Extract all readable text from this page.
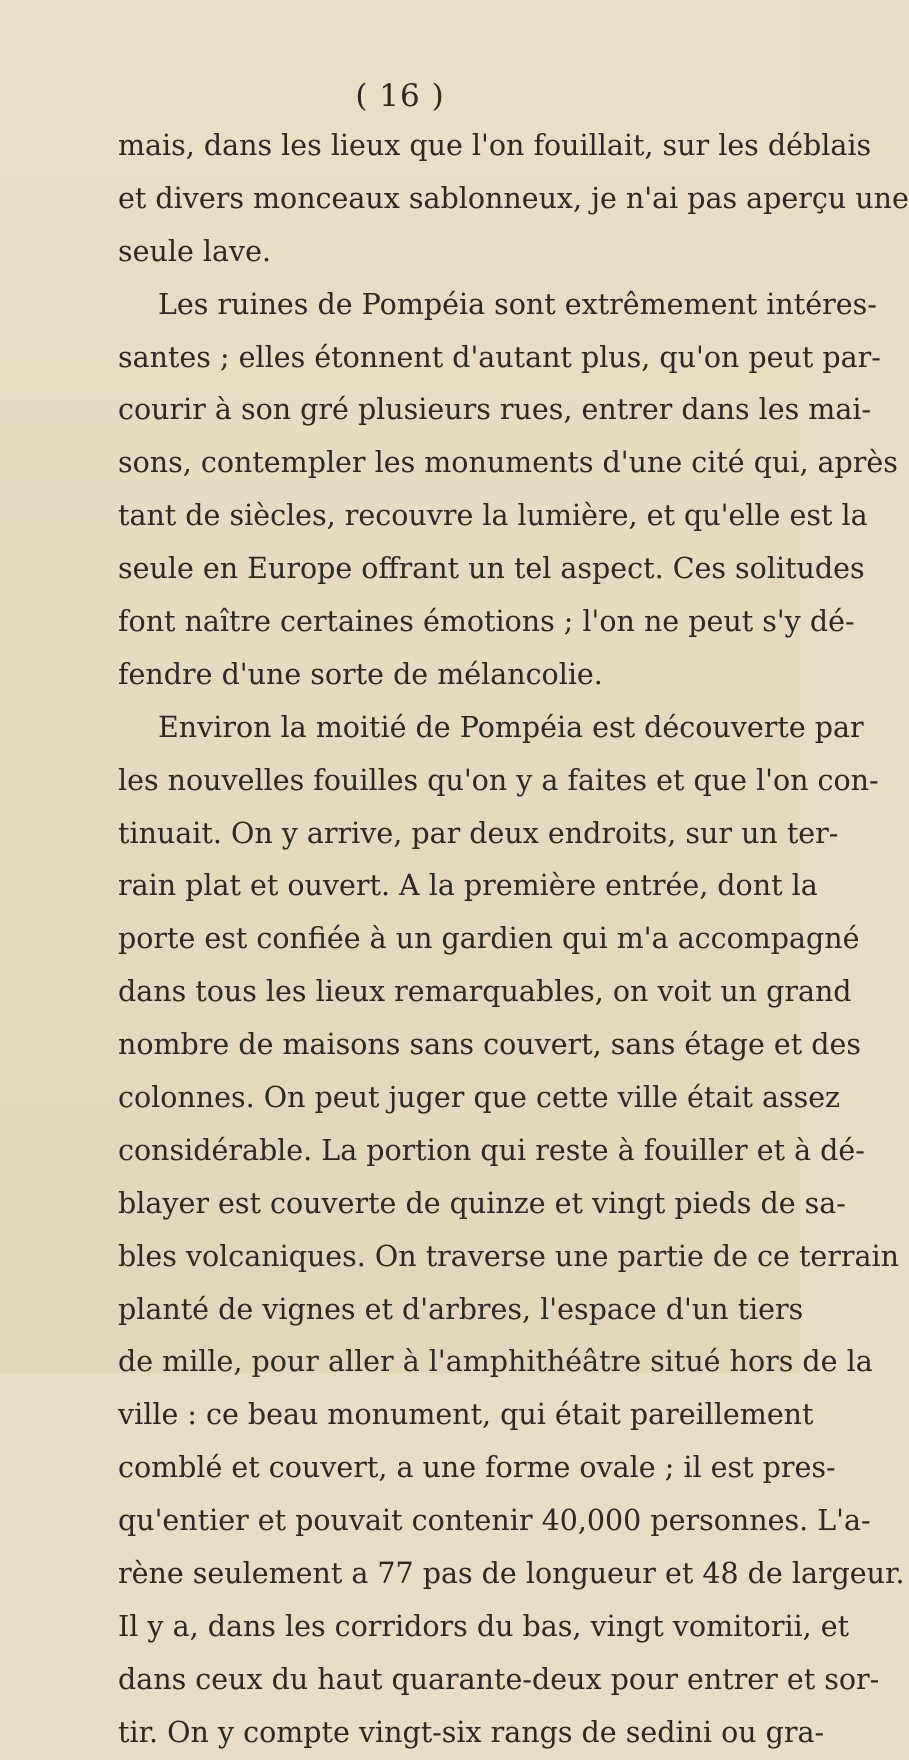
( 16 )
mais, dans les lieux que l'on fouillait, sur les déblais
et divers monceaux sablonneux, je n'ai pas aperçu une
seule lave.
Les ruines de Pompéia sont extrêmement intéres-
santes ; elles étonnent d'autant plus, qu'on peut par-
courir à son gré plusieurs rues, entrer dans les mai-
sons, contempler les monuments d'une cité qui, après
tant de siècles, recouvre la lumière, et qu'elle est la
seule en Europe offrant un tel aspect. Ces solitudes
font naître certaines émotions ; l'on ne peut s'y dé-
fendre d'une sorte de mélancolie.
Environ la moitié de Pompéia est découverte par
les nouvelles fouilles qu'on y a faites et que l'on con-
tinuait. On y arrive, par deux endroits, sur un ter-
rain plat et ouvert. A la première entrée, dont la
porte est confiée à un gardien qui m'a accompagné
dans tous les lieux remarquables, on voit un grand
nombre de maisons sans couvert, sans étage et des
colonnes. On peut juger que cette ville était assez
considérable. La portion qui reste à fouiller et à dé-
blayer est couverte de quinze et vingt pieds de sa-
bles volcaniques. On traverse une partie de ce terrain
planté de vignes et d'arbres, l'espace d'un tiers
de mille, pour aller à l'amphithéâtre situé hors de la
ville : ce beau monument, qui était pareillement
comblé et couvert, a une forme ovale ; il est pres-
qu'entier et pouvait contenir 40,000 personnes. L'a-
rène seulement a 77 pas de longueur et 48 de largeur.
Il y a, dans les corridors du bas, vingt vomitorii, et
dans ceux du haut quarante-deux pour entrer et sor-
tir. On y compte vingt-six rangs de sedini ou gra-
